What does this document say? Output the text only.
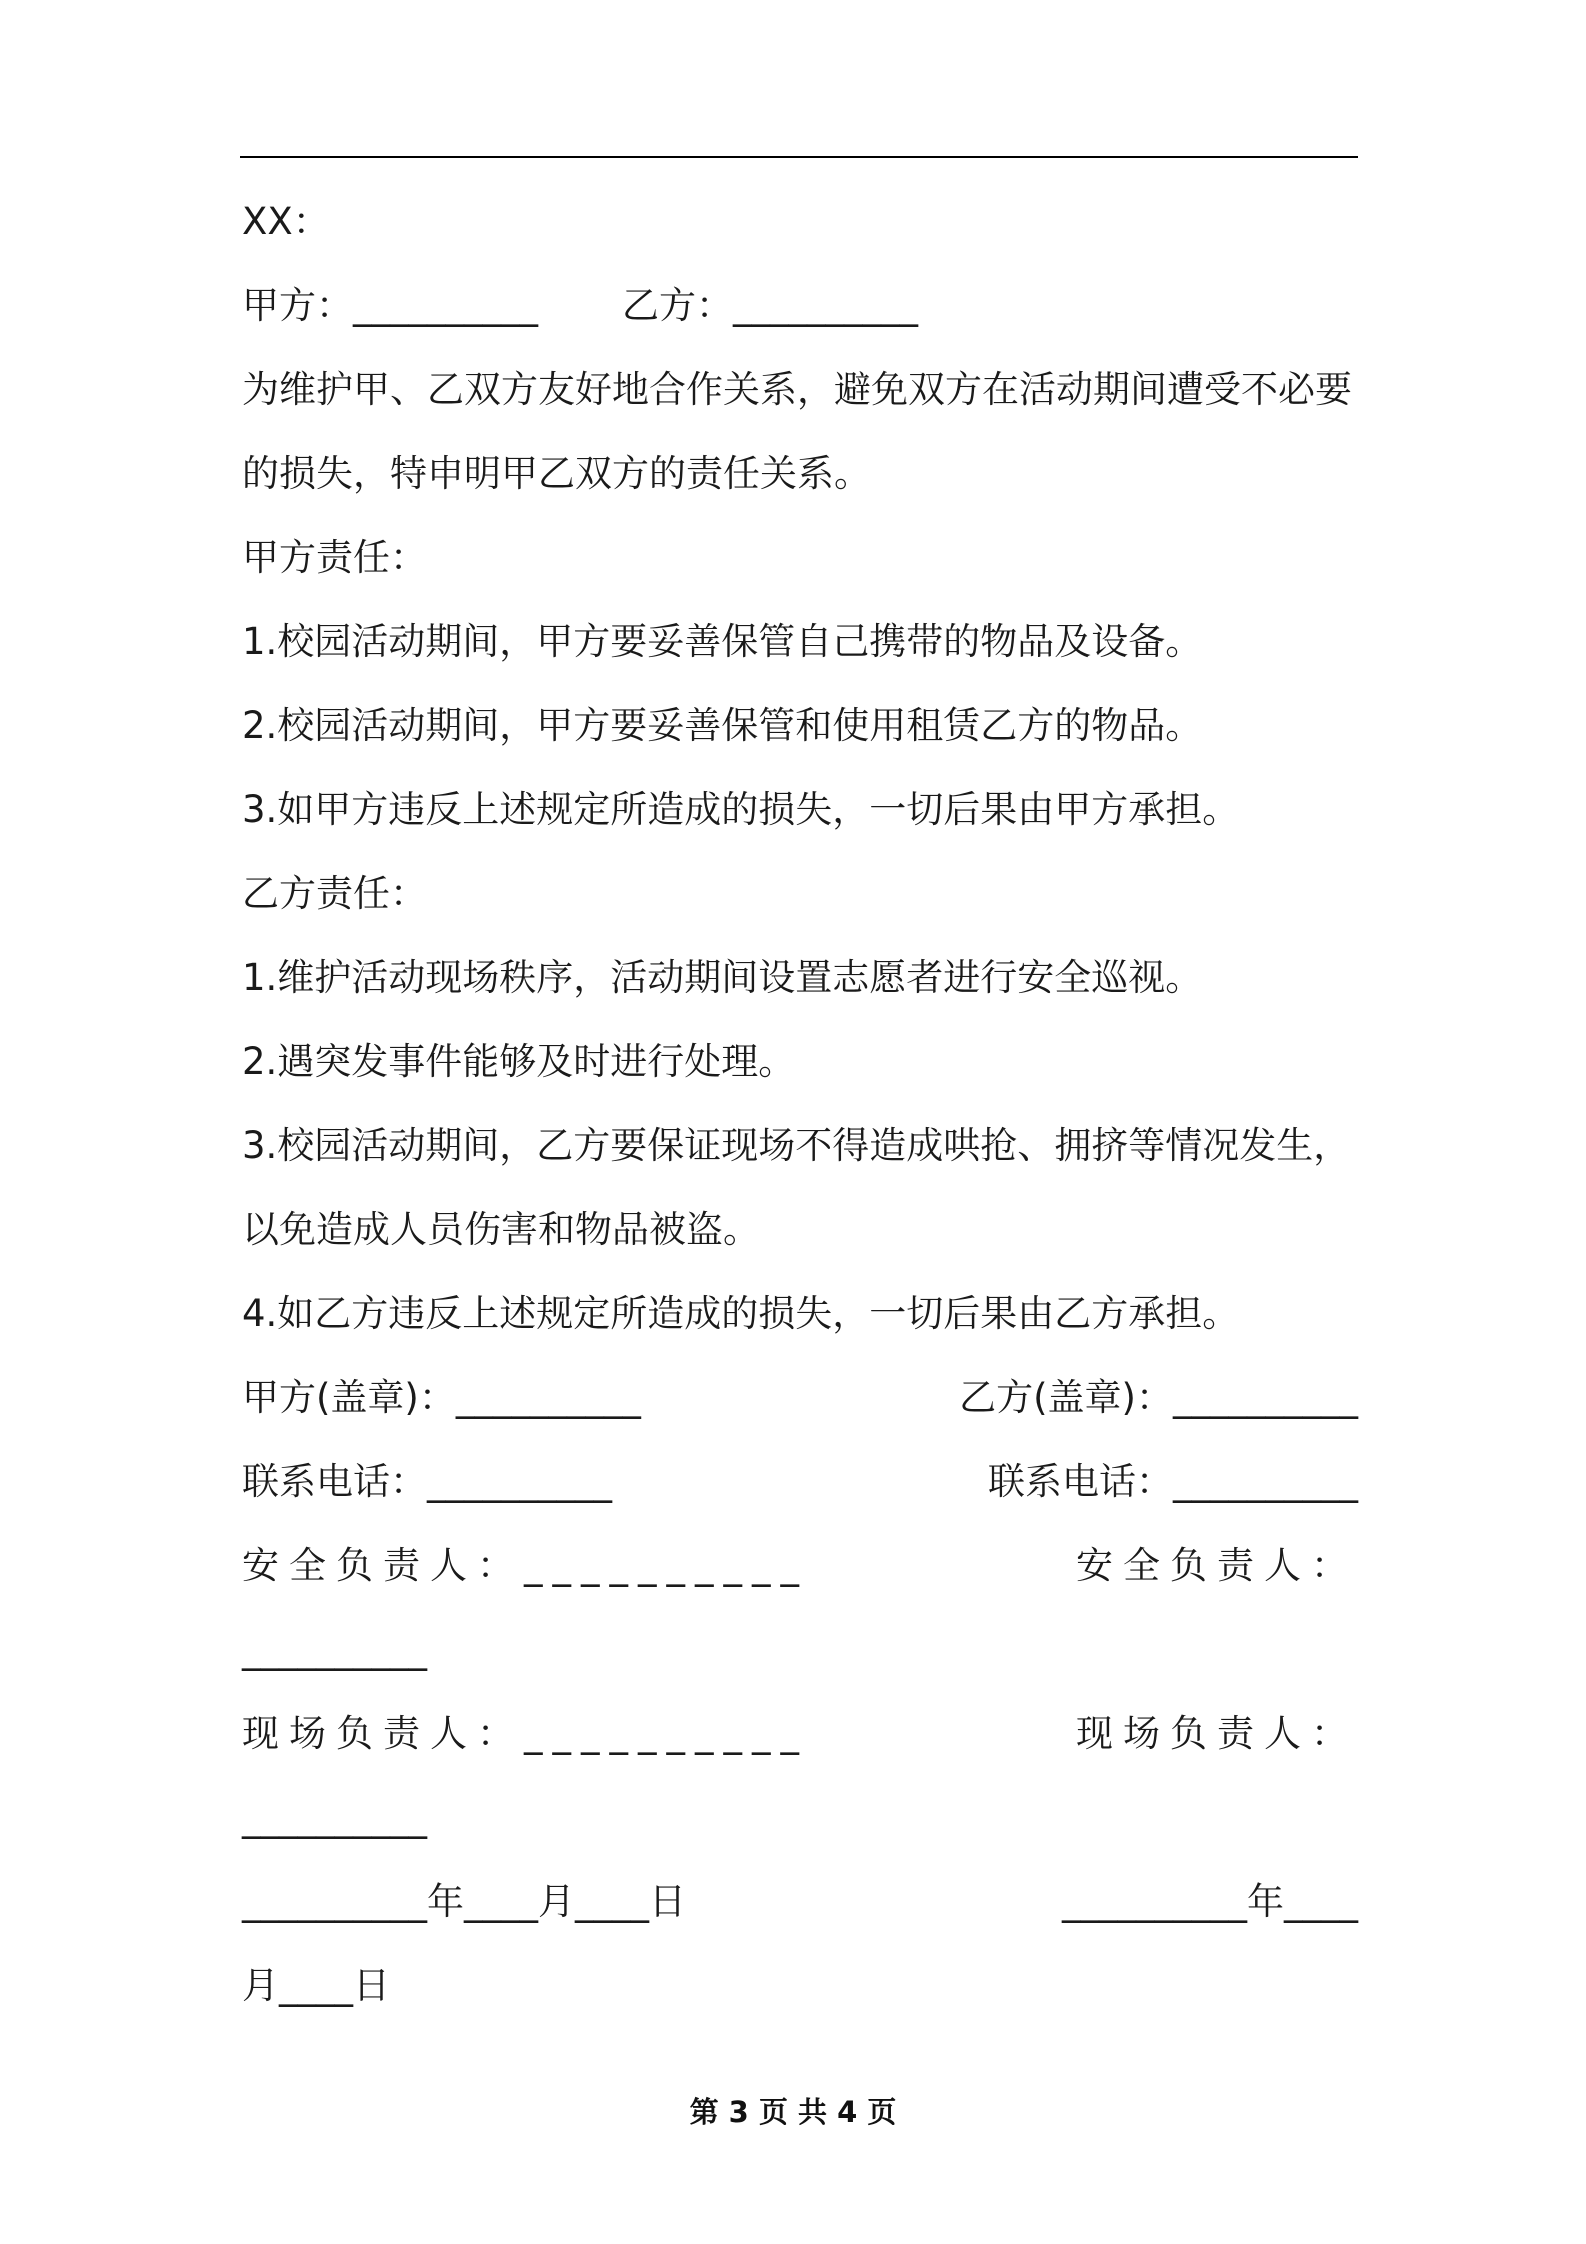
XX：
甲方：__________ 乙方：__________
为维护甲、乙双方友好地合作关系，避免双方在活动期间遭受不必要
的损失，特申明甲乙双方的责任关系。
甲方责任：
1.校园活动期间，甲方要妥善保管自己携带的物品及设备。
2.校园活动期间，甲方要妥善保管和使用租赁乙方的物品。
3.如甲方违反上述规定所造成的损失，一切后果由甲方承担。
乙方责任：
1.维护活动现场秩序，活动期间设置志愿者进行安全巡视。
2.遇突发事件能够及时进行处理。
3.校园活动期间，乙方要保证现场不得造成哄抢、拥挤等情况发生，
以免造成人员伤害和物品被盗。
4.如乙方违反上述规定所造成的损失，一切后果由乙方承担。
甲方(盖章)：__________	乙方(盖章)：__________
联系电话：__________	联系电话：__________
安全负责人：__________	安全负责人：
__________
现场负责人：__________	现场负责人：
__________
__________年____月____日	__________年____
月____日
第 3 页 共 4 页
